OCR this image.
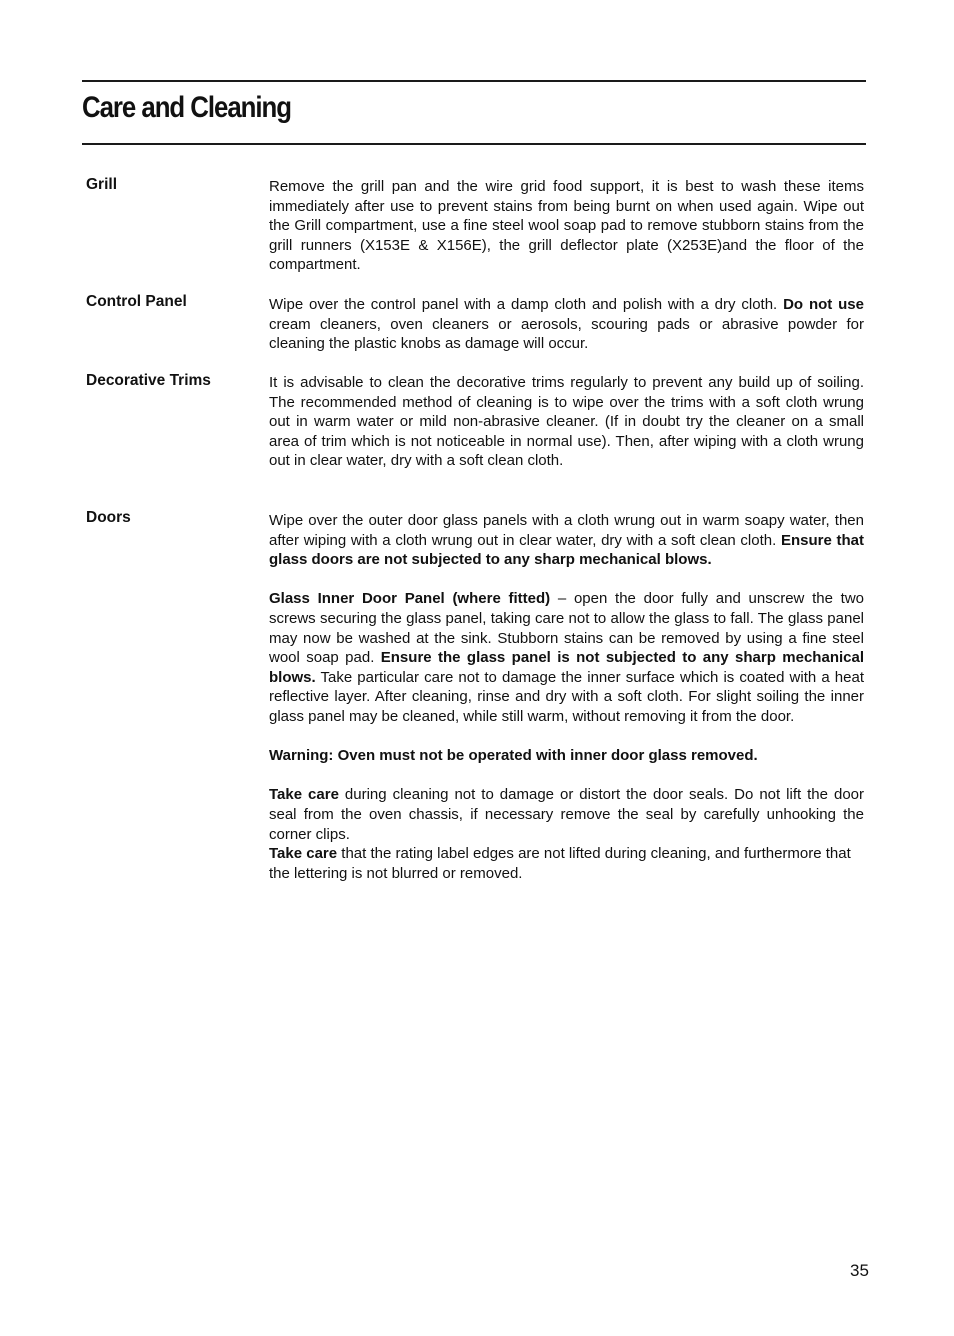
Care and Cleaning
Grill	Remove the grill pan and the wire grid food support, it is best to wash these items immediately after use to prevent stains from being burnt on when used again. Wipe out the Grill compartment, use a fine steel wool soap pad to remove stubborn stains from the grill runners (X153E & X156E), the grill deflector plate (X253E)and the floor of the compartment.

Control Panel	Wipe over the control panel with a damp cloth and polish with a dry cloth. Do not use cream cleaners, oven cleaners or aerosols, scouring pads or abrasive powder for cleaning the plastic knobs as damage will occur.

Decorative Trims	It is advisable to clean the decorative trims regularly to prevent any build up of soiling. The recommended method of cleaning is to wipe over the trims with a soft cloth wrung out in warm water or mild non-abrasive cleaner. (If in doubt try the cleaner on a small area of trim which is not noticeable in normal use). Then, after wiping with a cloth wrung out in clear water, dry with a soft clean cloth.

Doors	Wipe over the outer door glass panels with a cloth wrung out in warm soapy water, then after wiping with a cloth wrung out in clear water, dry with a soft clean cloth. Ensure that glass doors are not subjected to any sharp mechanical blows.

Glass Inner Door Panel (where fitted) – open the door fully and unscrew the two screws securing the glass panel, taking care not to allow the glass to fall. The glass panel may now be washed at the sink. Stubborn stains can be removed by using a fine steel wool soap pad. Ensure the glass panel is not subjected to any sharp mechanical blows. Take particular care not to damage the inner surface which is coated with a heat reflective layer. After cleaning, rinse and dry with a soft cloth. For slight soiling the inner glass panel may be cleaned, while still warm, without removing it from the door.

Warning: Oven must not be operated with inner door glass removed.

Take care during cleaning not to damage or distort the door seals. Do not lift the door seal from the oven chassis, if necessary remove the seal by carefully unhooking the corner clips.

Take care that the rating label edges are not lifted during cleaning, and furthermore that the lettering is not blurred or removed.

35
